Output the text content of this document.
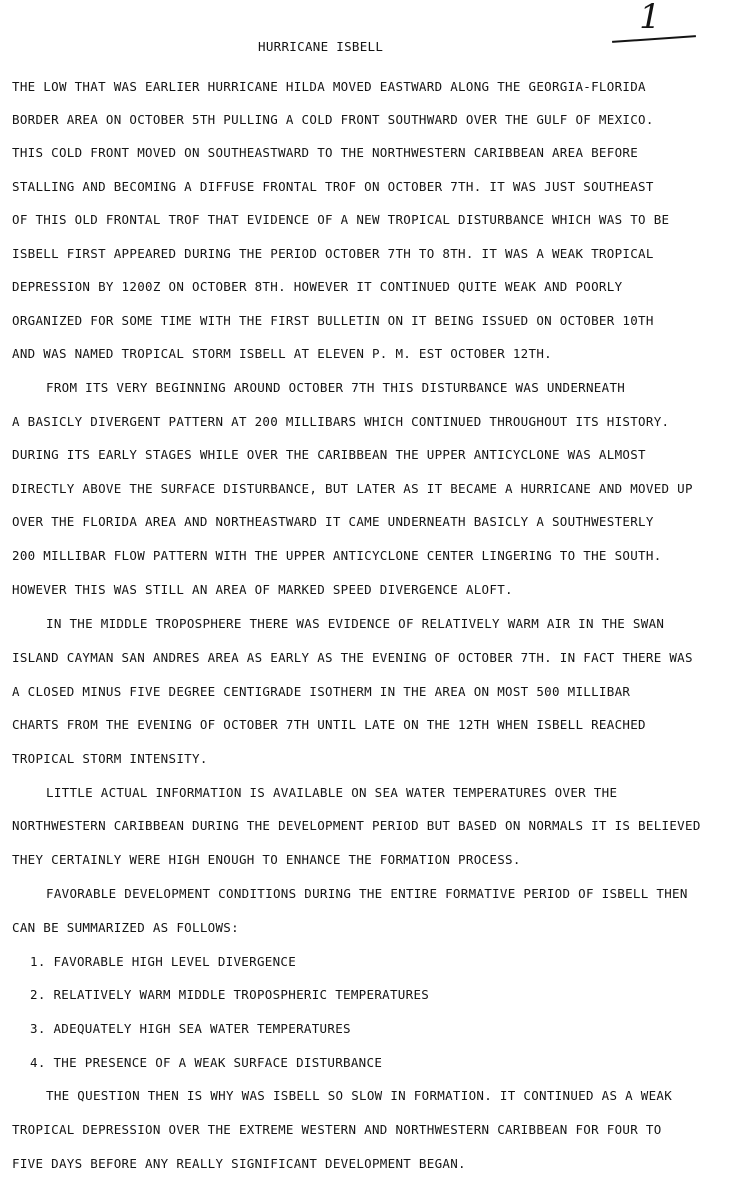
1
HURRICANE ISBELL
THE LOW THAT WAS EARLIER HURRICANE HILDA MOVED EASTWARD ALONG THE GEORGIA-FLORIDA
BORDER AREA ON OCTOBER 5TH PULLING A COLD FRONT SOUTHWARD OVER THE GULF OF MEXICO.
THIS COLD FRONT MOVED ON SOUTHEASTWARD TO THE NORTHWESTERN CARIBBEAN AREA BEFORE
STALLING AND BECOMING A DIFFUSE FRONTAL TROF ON OCTOBER 7TH. IT WAS JUST SOUTHEAST
OF THIS OLD FRONTAL TROF THAT EVIDENCE OF A NEW TROPICAL DISTURBANCE WHICH WAS TO BE
ISBELL FIRST APPEARED DURING THE PERIOD OCTOBER 7TH TO 8TH. IT WAS A WEAK TROPICAL
DEPRESSION BY 1200Z ON OCTOBER 8TH. HOWEVER IT CONTINUED QUITE WEAK AND POORLY
ORGANIZED FOR SOME TIME WITH THE FIRST BULLETIN ON IT BEING ISSUED ON OCTOBER 10TH
AND WAS NAMED TROPICAL STORM ISBELL AT ELEVEN P. M. EST OCTOBER 12TH.
FROM ITS VERY BEGINNING AROUND OCTOBER 7TH THIS DISTURBANCE WAS UNDERNEATH
A BASICLY DIVERGENT PATTERN AT 200 MILLIBARS WHICH CONTINUED THROUGHOUT ITS HISTORY.
DURING ITS EARLY STAGES WHILE OVER THE CARIBBEAN THE UPPER ANTICYCLONE WAS ALMOST
DIRECTLY ABOVE THE SURFACE DISTURBANCE, BUT LATER AS IT BECAME A HURRICANE AND MOVED UP
OVER THE FLORIDA AREA AND NORTHEASTWARD IT CAME UNDERNEATH BASICLY A SOUTHWESTERLY
200 MILLIBAR FLOW PATTERN WITH THE UPPER ANTICYCLONE CENTER LINGERING TO THE SOUTH.
HOWEVER THIS WAS STILL AN AREA OF MARKED SPEED DIVERGENCE ALOFT.
IN THE MIDDLE TROPOSPHERE THERE WAS EVIDENCE OF RELATIVELY WARM AIR IN THE SWAN
ISLAND CAYMAN SAN ANDRES AREA AS EARLY AS THE EVENING OF OCTOBER 7TH. IN FACT THERE WAS
A CLOSED MINUS FIVE DEGREE CENTIGRADE ISOTHERM IN THE AREA ON MOST 500 MILLIBAR
CHARTS FROM THE EVENING OF OCTOBER 7TH UNTIL LATE ON THE 12TH WHEN ISBELL REACHED
TROPICAL STORM INTENSITY.
LITTLE ACTUAL INFORMATION IS AVAILABLE ON SEA WATER TEMPERATURES OVER THE
NORTHWESTERN CARIBBEAN DURING THE DEVELOPMENT PERIOD BUT BASED ON NORMALS IT IS BELIEVED
THEY CERTAINLY WERE HIGH ENOUGH TO ENHANCE THE FORMATION PROCESS.
FAVORABLE DEVELOPMENT CONDITIONS DURING THE ENTIRE FORMATIVE PERIOD OF ISBELL THEN
CAN BE SUMMARIZED AS FOLLOWS:
1. FAVORABLE HIGH LEVEL DIVERGENCE
2. RELATIVELY WARM MIDDLE TROPOSPHERIC TEMPERATURES
3. ADEQUATELY HIGH SEA WATER TEMPERATURES
4. THE PRESENCE OF A WEAK SURFACE DISTURBANCE
THE QUESTION THEN IS WHY WAS ISBELL SO SLOW IN FORMATION. IT CONTINUED AS A WEAK
TROPICAL DEPRESSION OVER THE EXTREME WESTERN AND NORTHWESTERN CARIBBEAN FOR FOUR TO
FIVE DAYS BEFORE ANY REALLY SIGNIFICANT DEVELOPMENT BEGAN.
